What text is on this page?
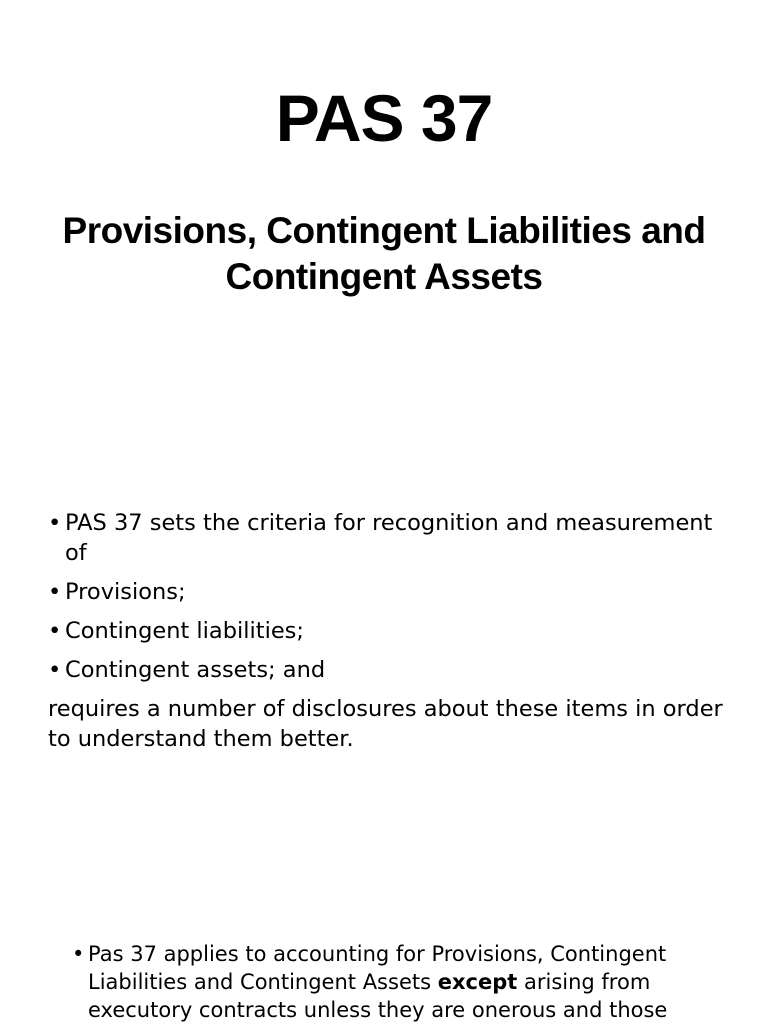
PAS 37
Provisions, Contingent Liabilities and Contingent Assets
• PAS 37 sets the criteria for recognition and measurement of
• Provisions;
• Contingent liabilities;
• Contingent assets; and
requires a number of disclosures about these items in order to understand them better.
• Pas 37 applies to accounting for Provisions, Contingent Liabilities and Contingent Assets except arising from executory contracts unless they are onerous and those
